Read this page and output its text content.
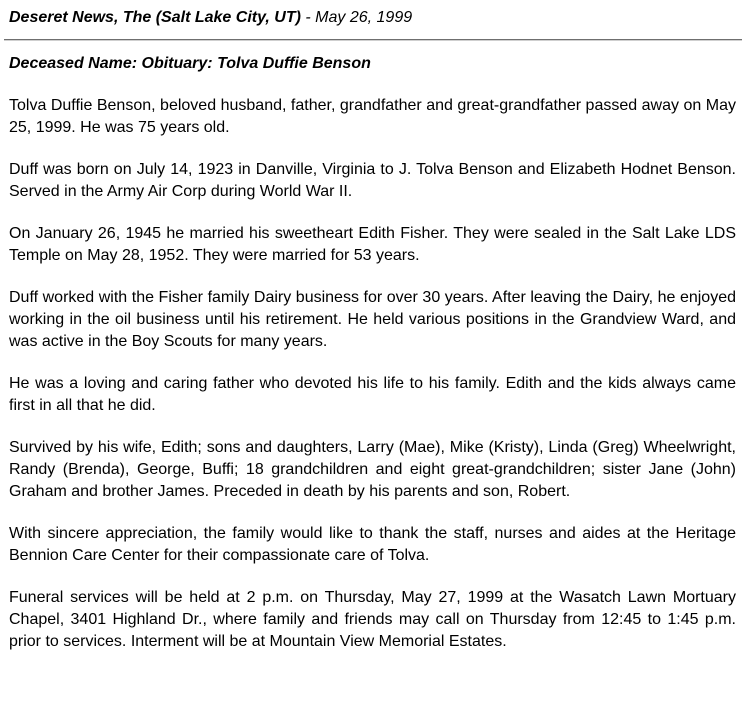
Deseret News, The (Salt Lake City, UT) - May 26, 1999
Deceased Name: Obituary: Tolva Duffie Benson

Tolva Duffie Benson, beloved husband, father, grandfather and great-grandfather passed away on May 25, 1999. He was 75 years old.

Duff was born on July 14, 1923 in Danville, Virginia to J. Tolva Benson and Elizabeth Hodnet Benson. Served in the Army Air Corp during World War II.

On January 26, 1945 he married his sweetheart Edith Fisher. They were sealed in the Salt Lake LDS Temple on May 28, 1952. They were married for 53 years.

Duff worked with the Fisher family Dairy business for over 30 years. After leaving the Dairy, he enjoyed working in the oil business until his retirement. He held various positions in the Grandview Ward, and was active in the Boy Scouts for many years.

He was a loving and caring father who devoted his life to his family. Edith and the kids always came first in all that he did.

Survived by his wife, Edith; sons and daughters, Larry (Mae), Mike (Kristy), Linda (Greg) Wheelwright, Randy (Brenda), George, Buffi; 18 grandchildren and eight great-grandchildren; sister Jane (John) Graham and brother James. Preceded in death by his parents and son, Robert.

With sincere appreciation, the family would like to thank the staff, nurses and aides at the Heritage Bennion Care Center for their compassionate care of Tolva.

Funeral services will be held at 2 p.m. on Thursday, May 27, 1999 at the Wasatch Lawn Mortuary Chapel, 3401 Highland Dr., where family and friends may call on Thursday from 12:45 to 1:45 p.m. prior to services. Interment will be at Mountain View Memorial Estates.
